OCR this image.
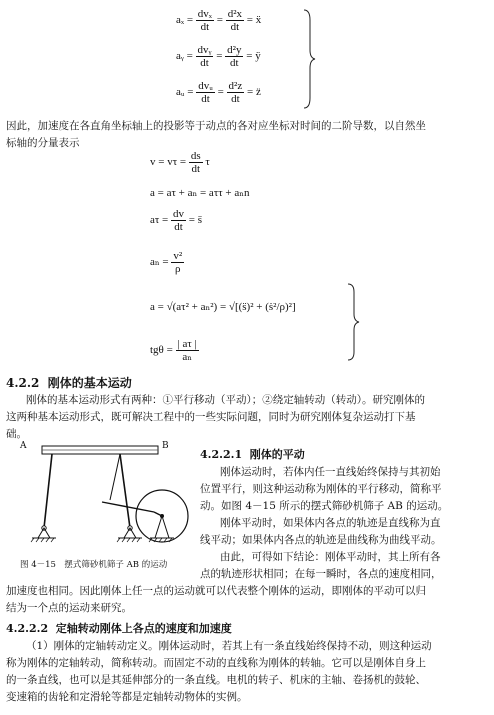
$a_x = \frac{\text{dvₓ}}{dt} = \frac{\text{d²x}}{dt}$ = ẍ
aᵧ = $\frac{\text{dvᵧ}}{dt} = \frac{\text{d²y}}{dt}$ = ÿ
aᵤ = $\frac{\text{dvᵤ}}{dt} = \frac{\text{d²z}}{dt}$ = z̈
因此，加速度在各直角坐标轴上的投影等于动点的各对应坐标对时间的二阶导数，以自然坐
标轴的分量表示
$v = v\tau = \frac{ds}{dt}$ τ
a = aτ + aₙ = aττ + aₙn
$a\tau = \frac{dv}{dt}$ = s̈
$a_n = \frac{\text{v²}}{\rho}$
a = √(aτ² + aₙ²) = √[(s̈)² + (ṡ²/ρ)²]
$tg\theta = \frac{| a\tau |}{\text{aₙ}}$
4.2.2 刚体的基本运动
刚体的基本运动形式有两种：①平行移动（平动）；②绕定轴转动（转动）。研究刚体的
这两种基本运动形式，既可解决工程中的一些实际问题，同时为研究刚体复杂运动打下基
础。
A	B
图 4－15　摆式筛砂机筛子 AB 的运动
4.2.2.1 刚体的平动
刚体运动时，若体内任一直线始终保持与其初始
位置平行，则这种运动称为刚体的平行移动，简称平
动。如图 4－15 所示的摆式筛砂机筛子 AB 的运动。
刚体平动时，如果体内各点的轨迹是直线称为直
线平动；如果体内各点的轨迹是曲线称为曲线平动。
由此，可得如下结论：刚体平动时，其上所有各
点的轨迹形状相同；在每一瞬时，各点的速度相同，
加速度也相同。因此刚体上任一点的运动就可以代表整个刚体的运动，即刚体的平动可以归
结为一个点的运动来研究。
4.2.2.2 定轴转动刚体上各点的速度和加速度
（1）刚体的定轴转动定义。刚体运动时，若其上有一条直线始终保持不动，则这种运动
称为刚体的定轴转动，简称转动。而固定不动的直线称为刚体的转轴。它可以是刚体自身上
的一条直线，也可以是其延伸部分的一条直线。电机的转子、机床的主轴、卷扬机的鼓轮、
变速箱的齿轮和定滑轮等都是定轴转动物体的实例。
